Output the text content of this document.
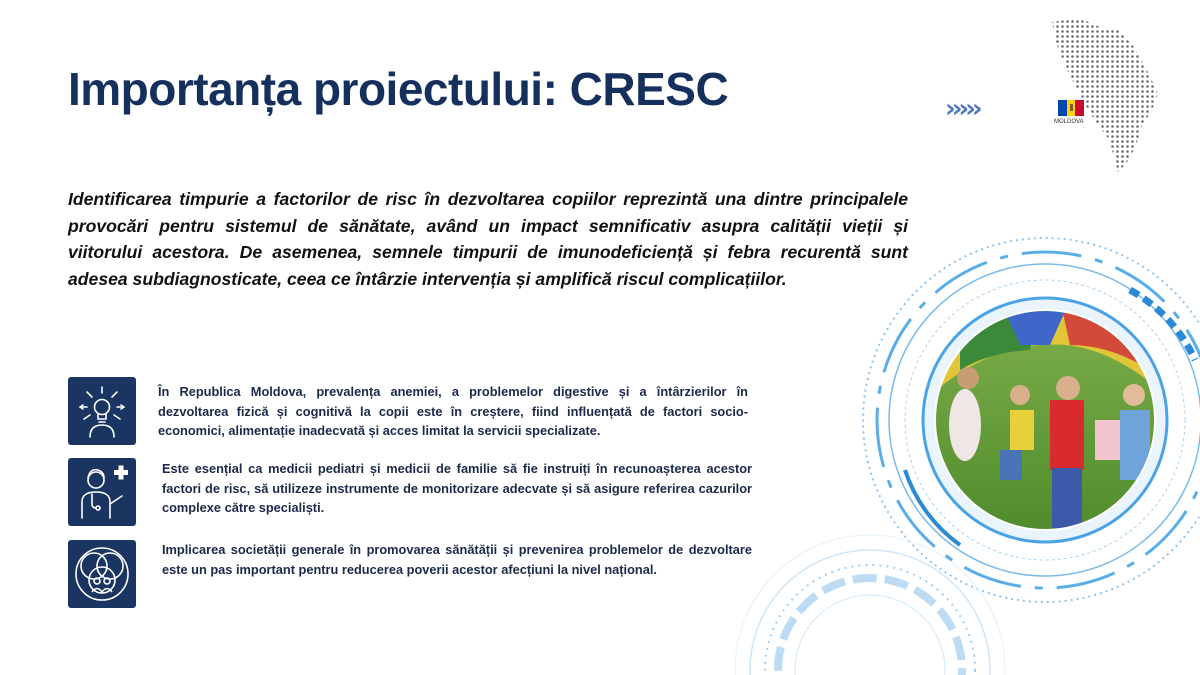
Importanța proiectului: CRESC	›››››	MOLDOVA
Identificarea timpurie a factorilor de risc în dezvoltarea copiilor reprezintă una dintre principalele provocări pentru sistemul de sănătate, având un impact semnificativ asupra calității vieții și viitorului acestora. De asemenea, semnele timpurii de imunodeficiență și febra recurentă sunt adesea subdiagnosticate, ceea ce întârzie intervenția și amplifică riscul complicațiilor.
În Republica Moldova, prevalența anemiei, a problemelor digestive și a întârzierilor în dezvoltarea fizică și cognitivă la copii este în creștere, fiind influențată de factori socio-economici, alimentație inadecvată și acces limitat la servicii specializate.
Este esențial ca medicii pediatri și medicii de familie să fie instruiți în recunoașterea acestor factori de risc, să utilizeze instrumente de monitorizare adecvate și să asigure referirea cazurilor complexe către specialiști.
Implicarea societății generale în promovarea sănătății și prevenirea problemelor de dezvoltare este un pas important pentru reducerea poverii acestor afecțiuni la nivel național.
